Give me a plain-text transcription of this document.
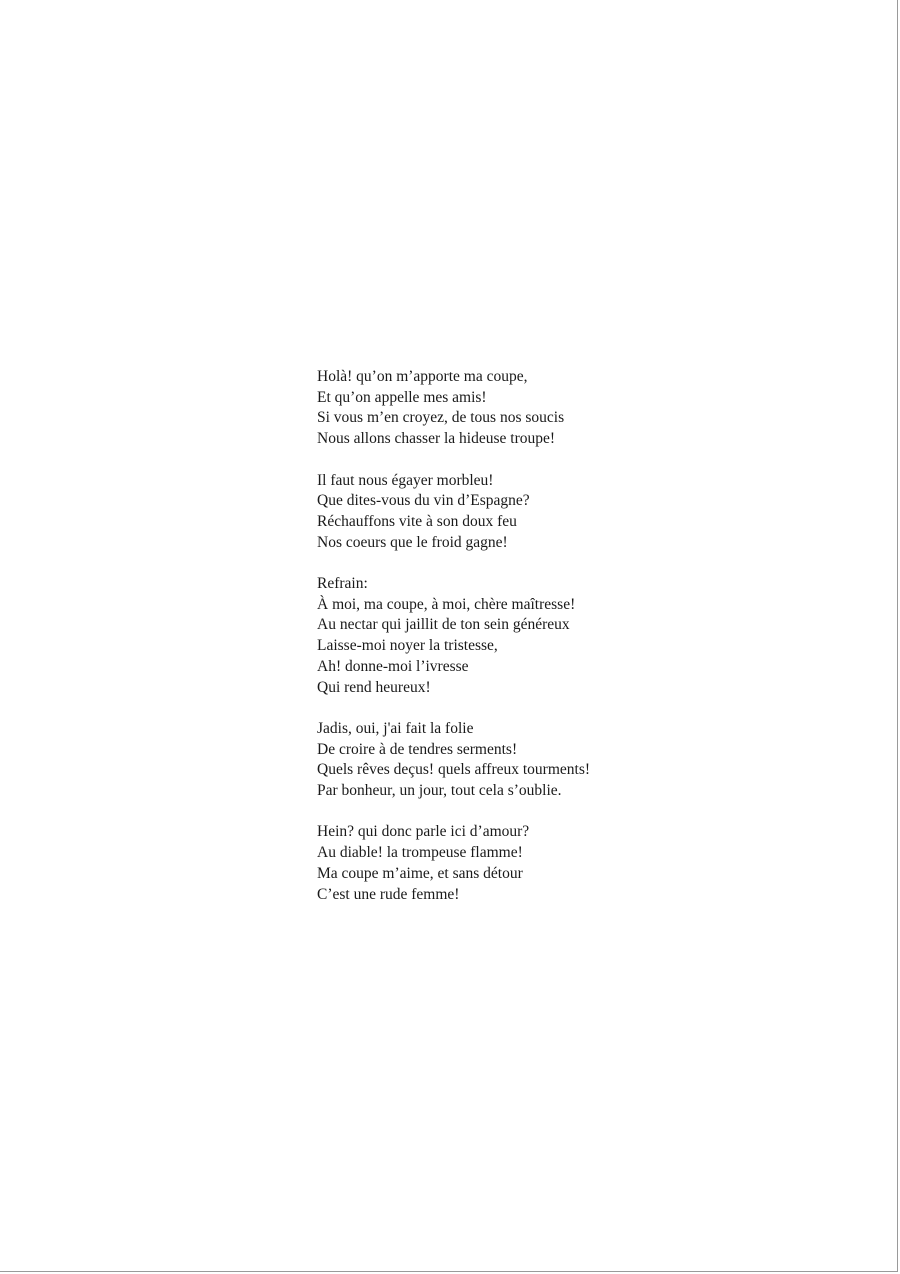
Holà! qu’on m’apporte ma coupe,
Et qu’on appelle mes amis!
Si vous m’en croyez, de tous nos soucis
Nous allons chasser la hideuse troupe!
Il faut nous égayer morbleu!
Que dites-vous du vin d’Espagne?
Réchauffons vite à son doux feu
Nos coeurs que le froid gagne!
Refrain:
À moi, ma coupe, à moi, chère maîtresse!
Au nectar qui jaillit de ton sein généreux
Laisse-moi noyer la tristesse,
Ah! donne-moi l’ivresse
Qui rend heureux!
Jadis, oui, j'ai fait la folie
De croire à de tendres serments!
Quels rêves deçus! quels affreux tourments!
Par bonheur, un jour, tout cela s’oublie.
Hein? qui donc parle ici d’amour?
Au diable! la trompeuse flamme!
Ma coupe m’aime, et sans détour
C’est une rude femme!
